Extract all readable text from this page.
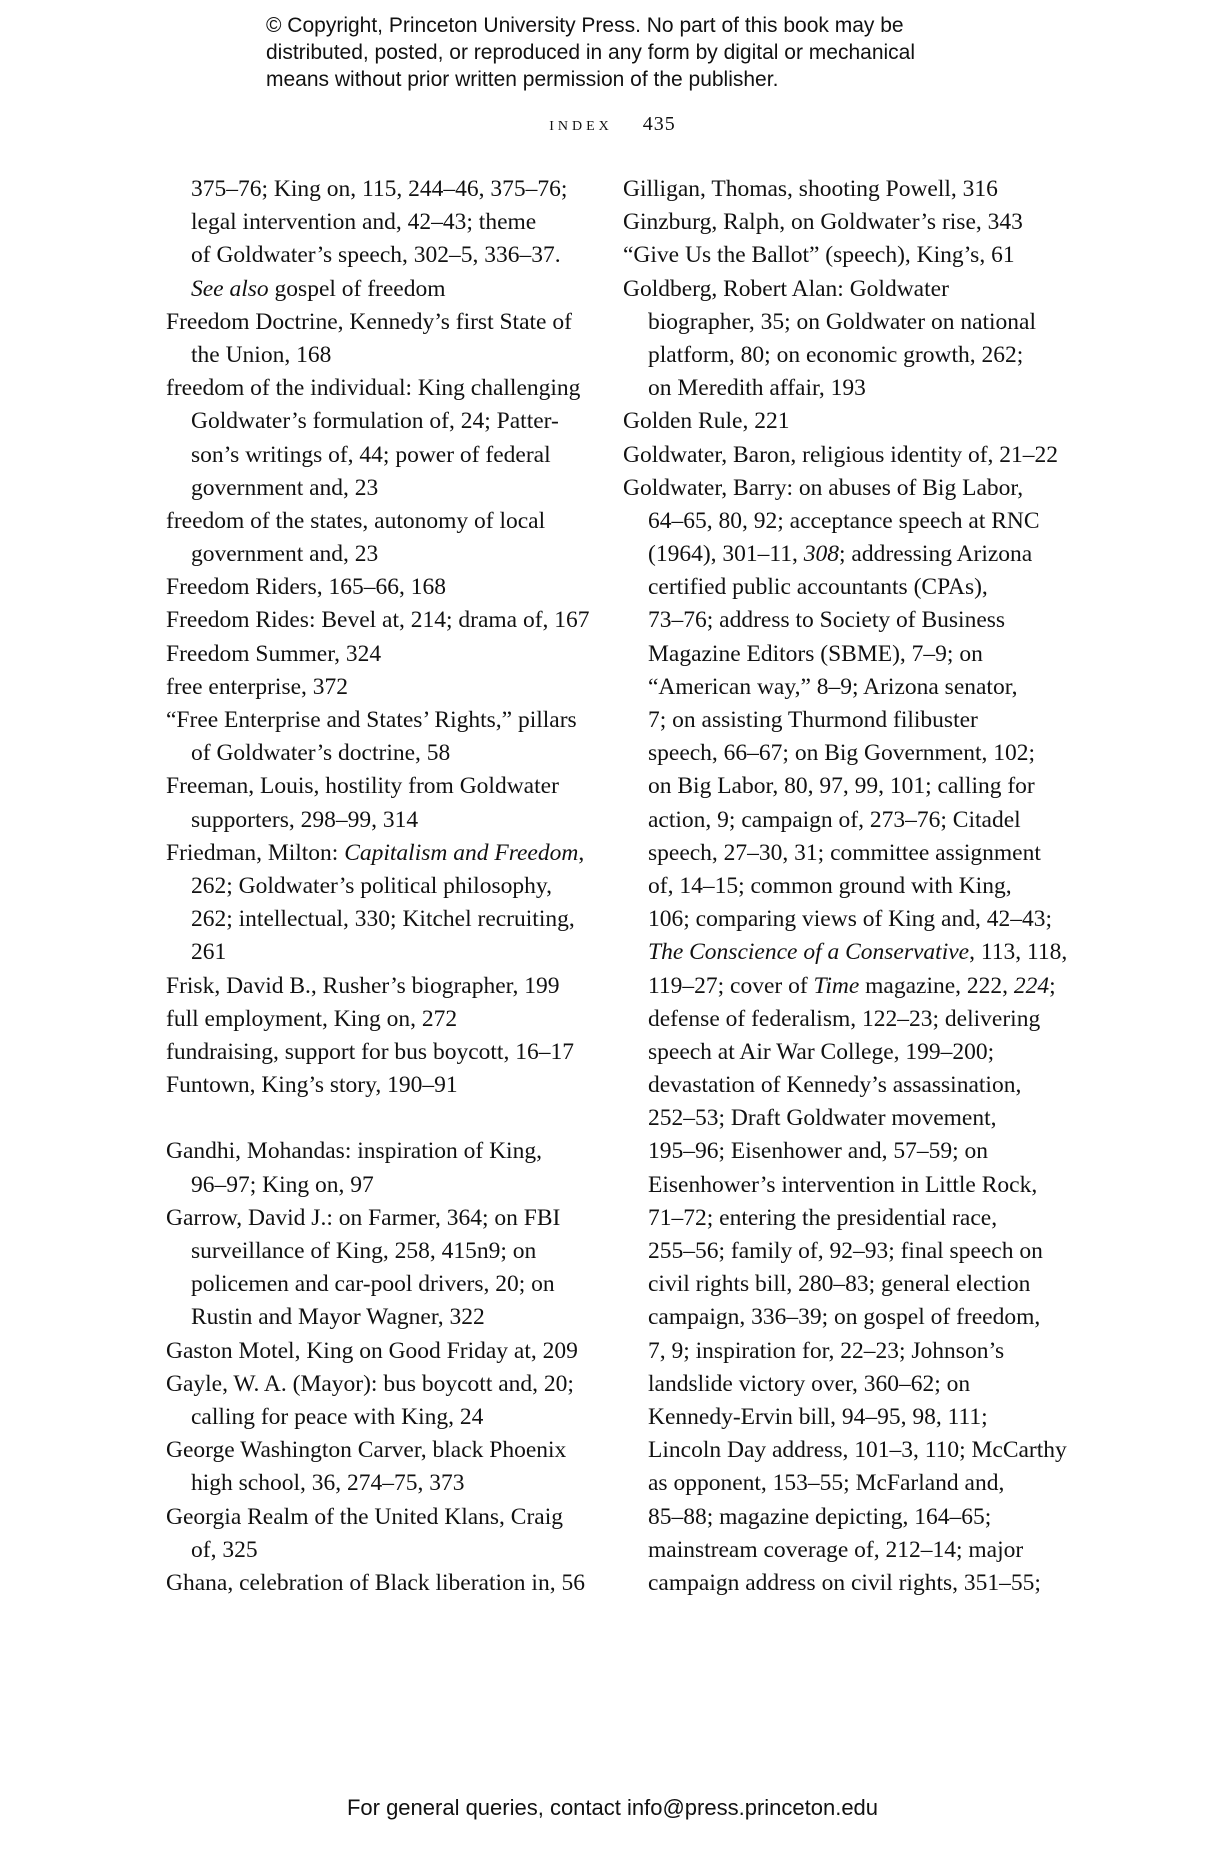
© Copyright, Princeton University Press. No part of this book may be
distributed, posted, or reproduced in any form by digital or mechanical
means without prior written permission of the publisher.
index 435
375–76; King on, 115, 244–46, 375–76;
legal intervention and, 42–43; theme
of Goldwater’s speech, 302–5, 336–37.
See also gospel of freedom
Freedom Doctrine, Kennedy’s first State of
the Union, 168
freedom of the individual: King challenging
Goldwater’s formulation of, 24; Patter-
son’s writings of, 44; power of federal
government and, 23
freedom of the states, autonomy of local
government and, 23
Freedom Riders, 165–66, 168
Freedom Rides: Bevel at, 214; drama of, 167
Freedom Summer, 324
free enterprise, 372
“Free Enterprise and States’ Rights,” pillars
of Goldwater’s doctrine, 58
Freeman, Louis, hostility from Goldwater
supporters, 298–99, 314
Friedman, Milton: Capitalism and Freedom,
262; Goldwater’s political philosophy,
262; intellectual, 330; Kitchel recruiting,
261
Frisk, David B., Rusher’s biographer, 199
full employment, King on, 272
fundraising, support for bus boycott, 16–17
Funtown, King’s story, 190–91
Gandhi, Mohandas: inspiration of King,
96–97; King on, 97
Garrow, David J.: on Farmer, 364; on FBI
surveillance of King, 258, 415n9; on
policemen and car-pool drivers, 20; on
Rustin and Mayor Wagner, 322
Gaston Motel, King on Good Friday at, 209
Gayle, W. A. (Mayor): bus boycott and, 20;
calling for peace with King, 24
George Washington Carver, black Phoenix
high school, 36, 274–75, 373
Georgia Realm of the United Klans, Craig
of, 325
Ghana, celebration of Black liberation in, 56
Gilligan, Thomas, shooting Powell, 316
Ginzburg, Ralph, on Goldwater’s rise, 343
“Give Us the Ballot” (speech), King’s, 61
Goldberg, Robert Alan: Goldwater
biographer, 35; on Goldwater on national
platform, 80; on economic growth, 262;
on Meredith affair, 193
Golden Rule, 221
Goldwater, Baron, religious identity of, 21–22
Goldwater, Barry: on abuses of Big Labor,
64–65, 80, 92; acceptance speech at RNC
(1964), 301–11, 308; addressing Arizona
certified public accountants (CPAs),
73–76; address to Society of Business
Magazine Editors (SBME), 7–9; on
“American way,” 8–9; Arizona senator,
7; on assisting Thurmond filibuster
speech, 66–67; on Big Government, 102;
on Big Labor, 80, 97, 99, 101; calling for
action, 9; campaign of, 273–76; Citadel
speech, 27–30, 31; committee assignment
of, 14–15; common ground with King,
106; comparing views of King and, 42–43;
The Conscience of a Conservative, 113, 118,
119–27; cover of Time magazine, 222, 224;
defense of federalism, 122–23; delivering
speech at Air War College, 199–200;
devastation of Kennedy’s assassination,
252–53; Draft Goldwater movement,
195–96; Eisenhower and, 57–59; on
Eisenhower’s intervention in Little Rock,
71–72; entering the presidential race,
255–56; family of, 92–93; final speech on
civil rights bill, 280–83; general election
campaign, 336–39; on gospel of freedom,
7, 9; inspiration for, 22–23; Johnson’s
landslide victory over, 360–62; on
Kennedy-Ervin bill, 94–95, 98, 111;
Lincoln Day address, 101–3, 110; McCarthy
as opponent, 153–55; McFarland and,
85–88; magazine depicting, 164–65;
mainstream coverage of, 212–14; major
campaign address on civil rights, 351–55;
For general queries, contact info@press.princeton.edu
